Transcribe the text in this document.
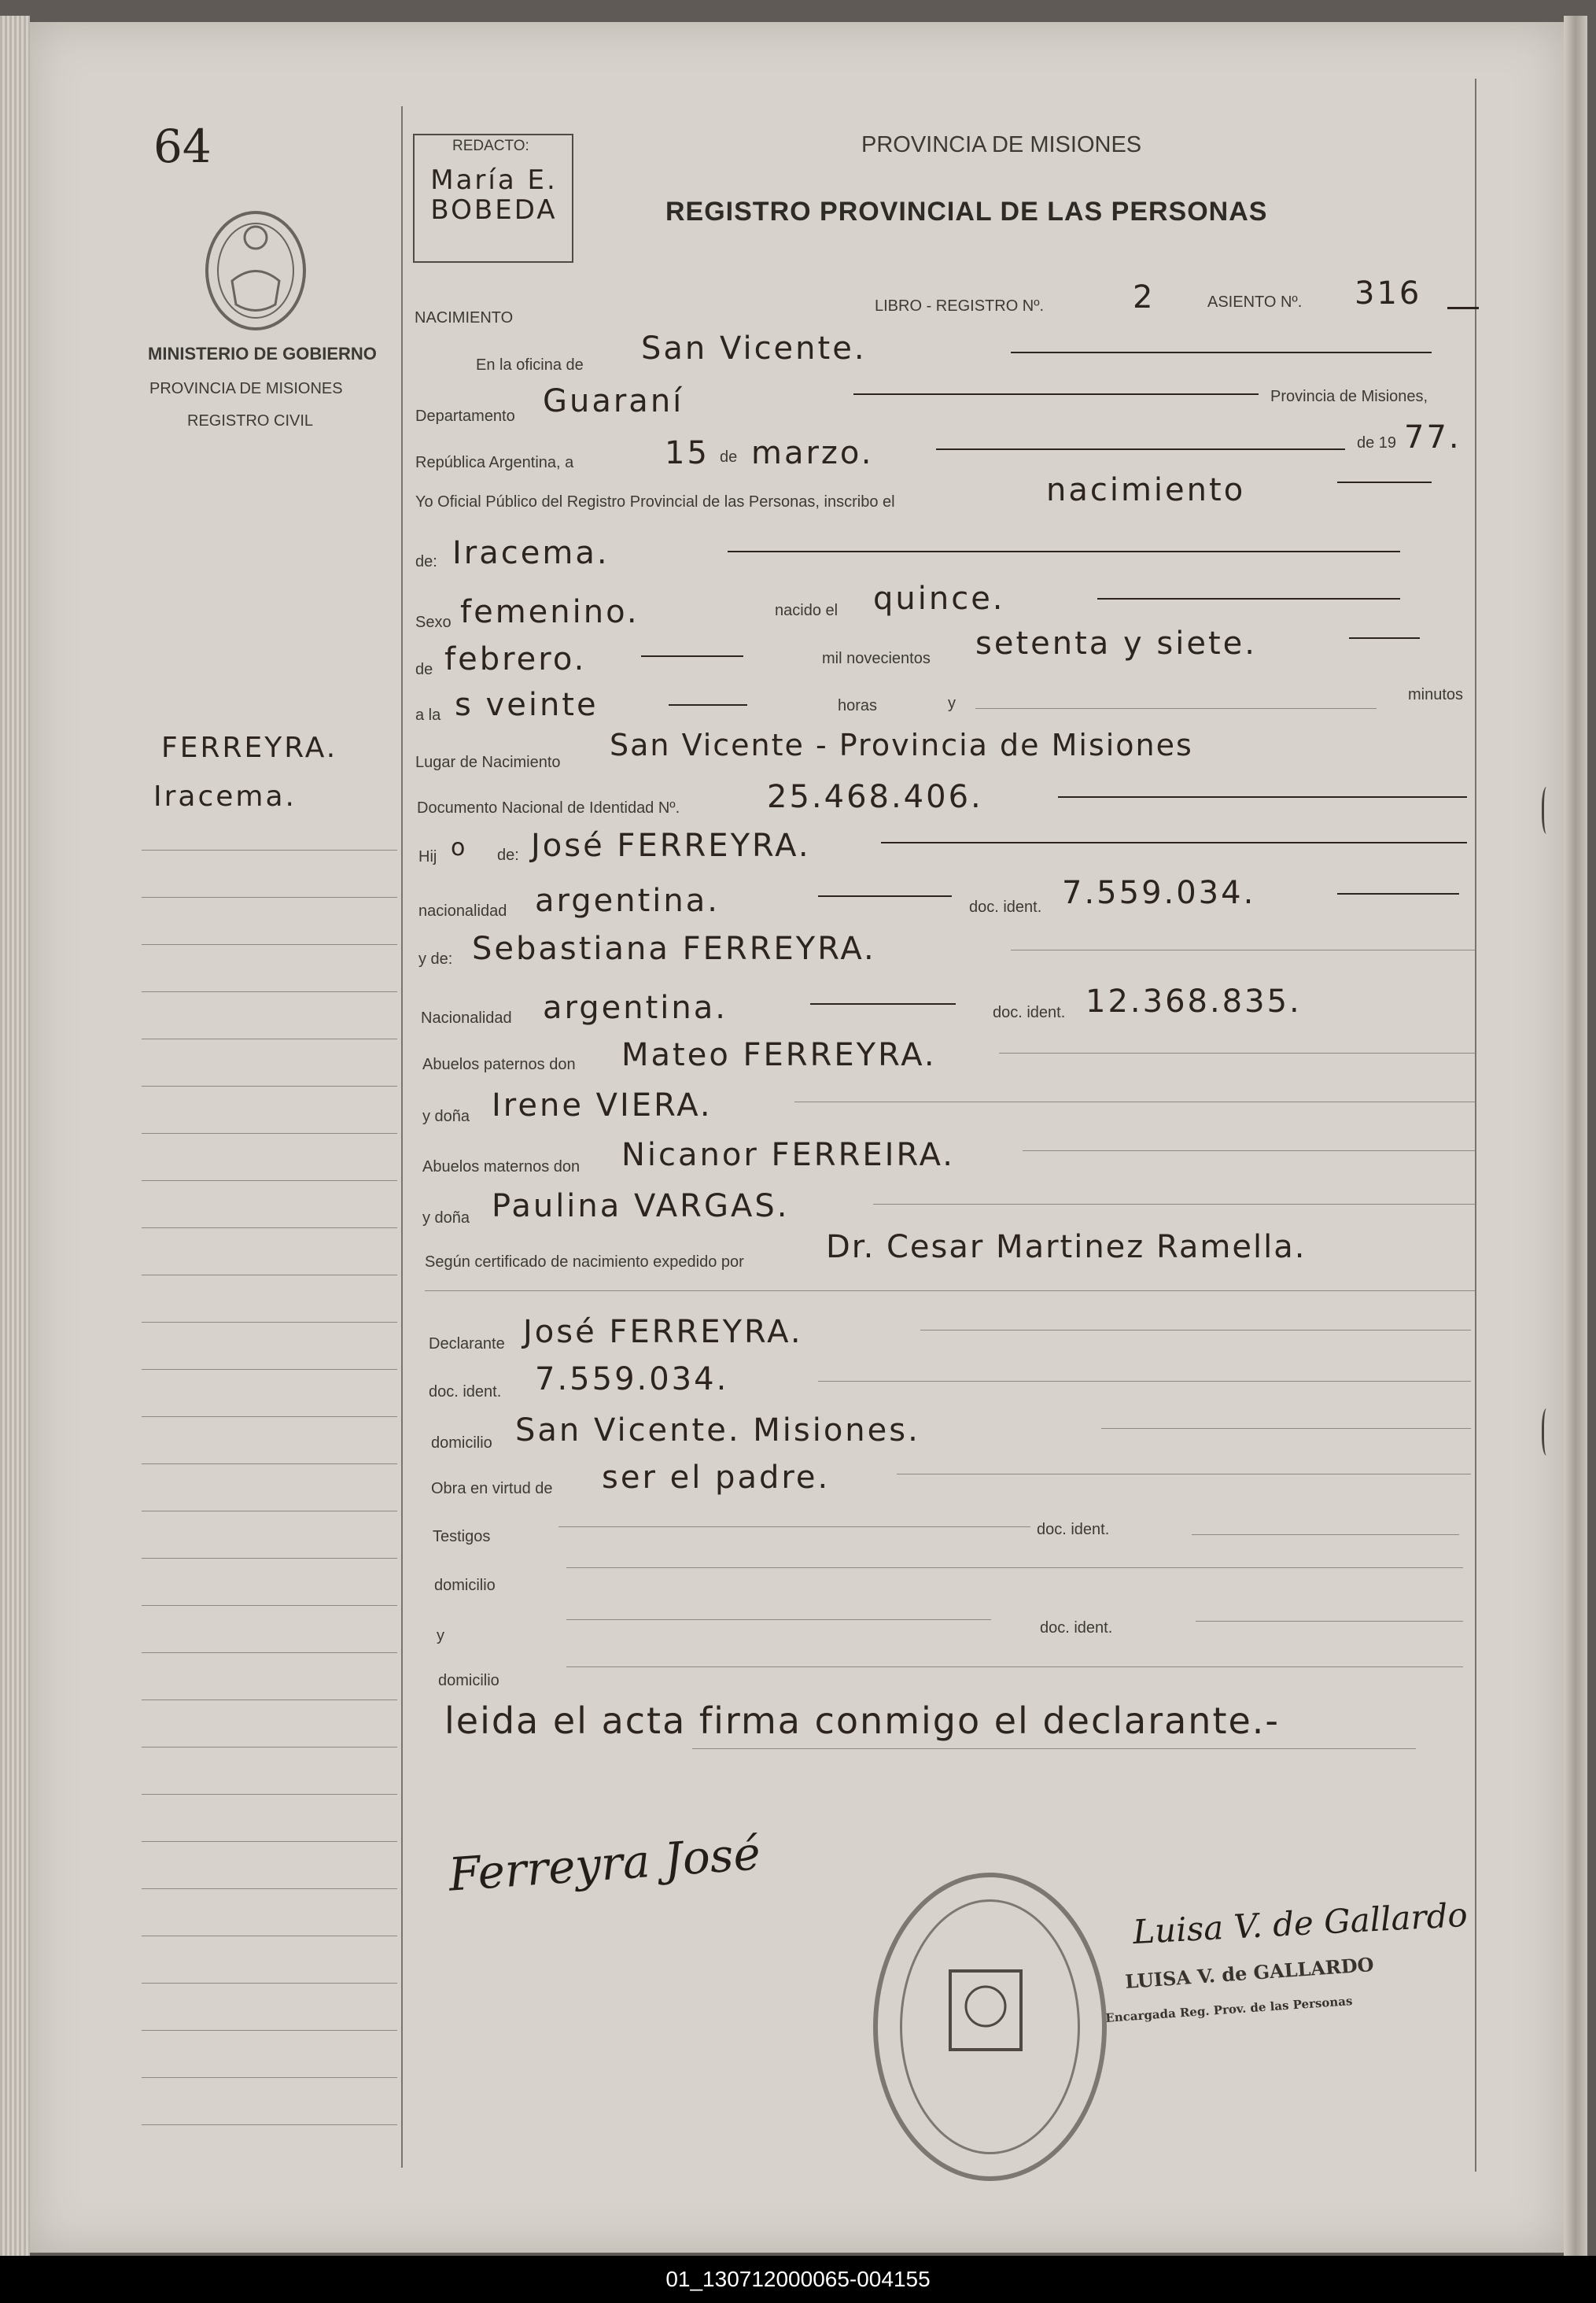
64	REDACTO:
María E. BOBEDA
PROVINCIA DE MISIONES
REGISTRO PROVINCIAL DE LAS PERSONAS
MINISTERIO DE GOBIERNO
PROVINCIA DE MISIONES
REGISTRO CIVIL
FERREYRA.
Iracema.
NACIMIENTO
LIBRO - REGISTRO Nº.	2	ASIENTO Nº. 316
En la oficina de San Vicente.
Departamento Guaraní	Provincia de Misiones,
República Argentina, a	15 de marzo.	de 19 77.
Yo Oficial Público del Registro Provincial de las Personas, inscribo el	nacimiento
de: Iracema.
Sexo femenino.	nacido el quince.
de febrero.	mil novecientos setenta y siete.
a la s veinte	horas	y	minutos
Lugar de Nacimiento San Vicente - Provincia de Misiones
Documento Nacional de Identidad Nº.	25.468.406.
Hij o de: José FERREYRA.
nacionalidad argentina.	doc. ident. 7.559.034.
y de: Sebastiana FERREYRA.
Nacionalidad argentina.	doc. ident. 12.368.835.
Abuelos paternos don Mateo FERREYRA.
y doña Irene VIERA.
Abuelos maternos don Nicanor FERREIRA.
y doña Paulina VARGAS.
Según certificado de nacimiento expedido por	Dr. Cesar Martinez Ramella.
Declarante José FERREYRA.
doc. ident. 7.559.034.
domicilio San Vicente. Misiones.
Obra en virtud de ser el padre.
Testigos	doc. ident.
domicilio
y	doc. ident.
domicilio
leida el acta firma conmigo el declarante.-
Ferreyra José
Luisa V. de Gallardo
LUISA V. de GALLARDO
Encargada Reg. Prov. de las Personas
01_130712000065-004155
